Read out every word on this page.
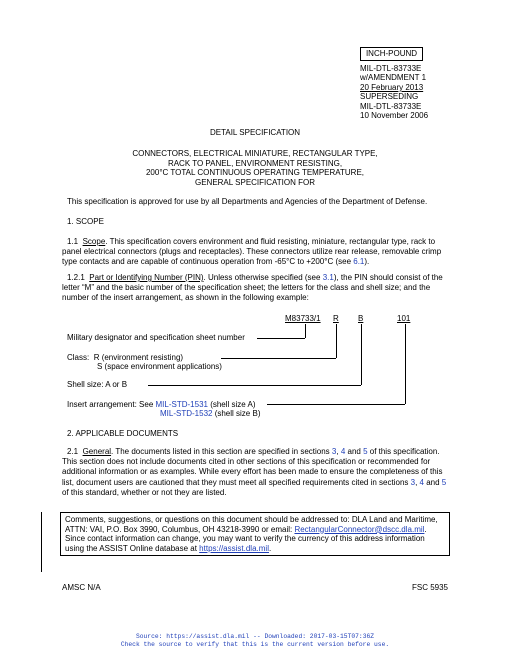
INCH-POUND
MIL-DTL-83733E
w/AMENDMENT 1
20 February 2013
SUPERSEDING
MIL-DTL-83733E
10 November 2006
DETAIL SPECIFICATION
CONNECTORS, ELECTRICAL MINIATURE, RECTANGULAR TYPE,
RACK TO PANEL, ENVIRONMENT RESISTING,
200°C TOTAL CONTINUOUS OPERATING TEMPERATURE,
GENERAL SPECIFICATION FOR
This specification is approved for use by all Departments and Agencies of the Department of Defense.
1. SCOPE
1.1 Scope. This specification covers environment and fluid resisting, miniature, rectangular type, rack to panel electrical connectors (plugs and receptacles). These connectors utilize rear release, removable crimp type contacts and are capable of continuous operation from -65°C to +200°C (see 6.1).
1.2.1 Part or Identifying Number (PIN). Unless otherwise specified (see 3.1), the PIN should consist of the letter “M” and the basic number of the specification sheet; the letters for the class and shell size; and the number of the insert arrangement, as shown in the following example:
M83733/1 R B	101
Military designator and specification sheet number
Class: R (environment resisting)
S (space environment applications)
Shell size: A or B
Insert arrangement: See MIL-STD-1531 (shell size A)
MIL-STD-1532 (shell size B)
2. APPLICABLE DOCUMENTS
2.1 General. The documents listed in this section are specified in sections 3, 4 and 5 of this specification. This section does not include documents cited in other sections of this specification or recommended for additional information or as examples. While every effort has been made to ensure the completeness of this list, document users are cautioned that they must meet all specified requirements cited in sections 3, 4 and 5 of this standard, whether or not they are listed.
Comments, suggestions, or questions on this document should be addressed to: DLA Land and Maritime, ATTN: VAI, P.O. Box 3990, Columbus, OH 43218-3990 or email: RectangularConnector@dscc.dla.mil. Since contact information can change, you may want to verify the currency of this address information using the ASSIST Online database at https://assist.dla.mil.
AMSC N/A	FSC 5935
Source: https://assist.dla.mil -- Downloaded: 2017-03-15T07:36Z
Check the source to verify that this is the current version before use.
